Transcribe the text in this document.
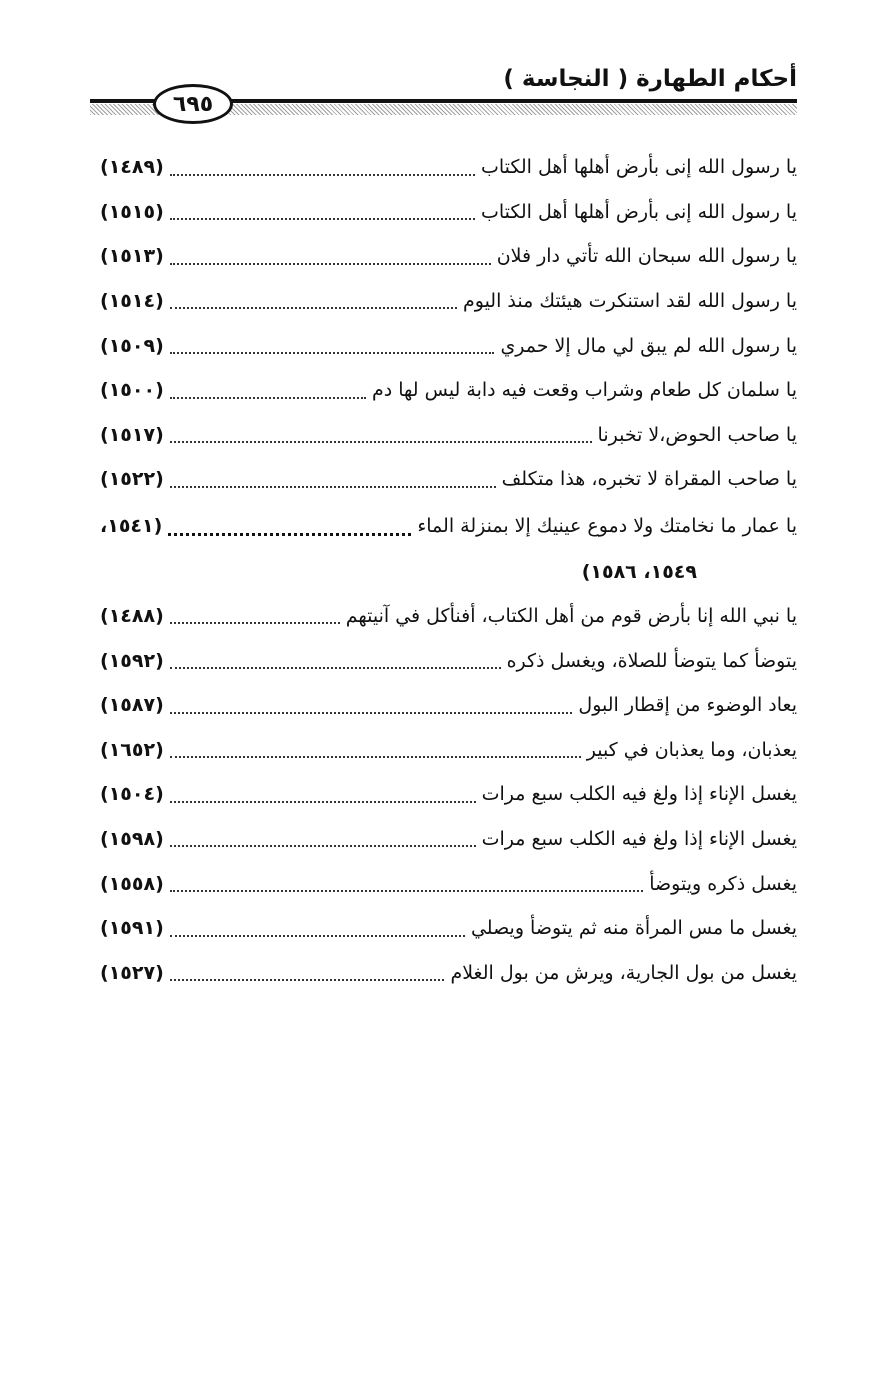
أحكام الطهارة ( النجاسة )
٦٩٥
يا رسول الله إنى بأرض أهلها أهل الكتاب
(١٤٨٩)
يا رسول الله إنى بأرض أهلها أهل الكتاب
(١٥١٥)
يا رسول الله سبحان الله تأتي دار فلان
(١٥١٣)
يا رسول الله لقد استنكرت هيئتك منذ اليوم
(١٥١٤)
يا رسول الله لم يبق لي مال إلا حمري
(١٥٠٩)
يا سلمان كل طعام وشراب وقعت فيه دابة ليس لها دم
(١٥٠٠)
يا صاحب الحوض،لا تخبرنا
(١٥١٧)
يا صاحب المقراة لا تخبره، هذا متكلف
(١٥٢٢)
يا عمار ما نخامتك ولا دموع عينيك إلا بمنزلة الماء
(١٥٤١،
١٥٤٩، ١٥٨٦)
يا نبي الله إنا بأرض قوم من أهل الكتاب، أفنأكل في آنيتهم
(١٤٨٨)
يتوضأ كما يتوضأ للصلاة، ويغسل ذكره
(١٥٩٢)
يعاد الوضوء من إقطار البول
(١٥٨٧)
يعذبان، وما يعذبان في كبير
(١٦٥٢)
يغسل الإناء إذا ولغ فيه الكلب سبع مرات
(١٥٠٤)
يغسل الإناء إذا ولغ فيه الكلب سبع مرات
(١٥٩٨)
يغسل ذكره ويتوضأ
(١٥٥٨)
يغسل ما مس المرأة منه ثم يتوضأ ويصلي
(١٥٩١)
يغسل من بول الجارية، ويرش من بول الغلام
(١٥٢٧)
